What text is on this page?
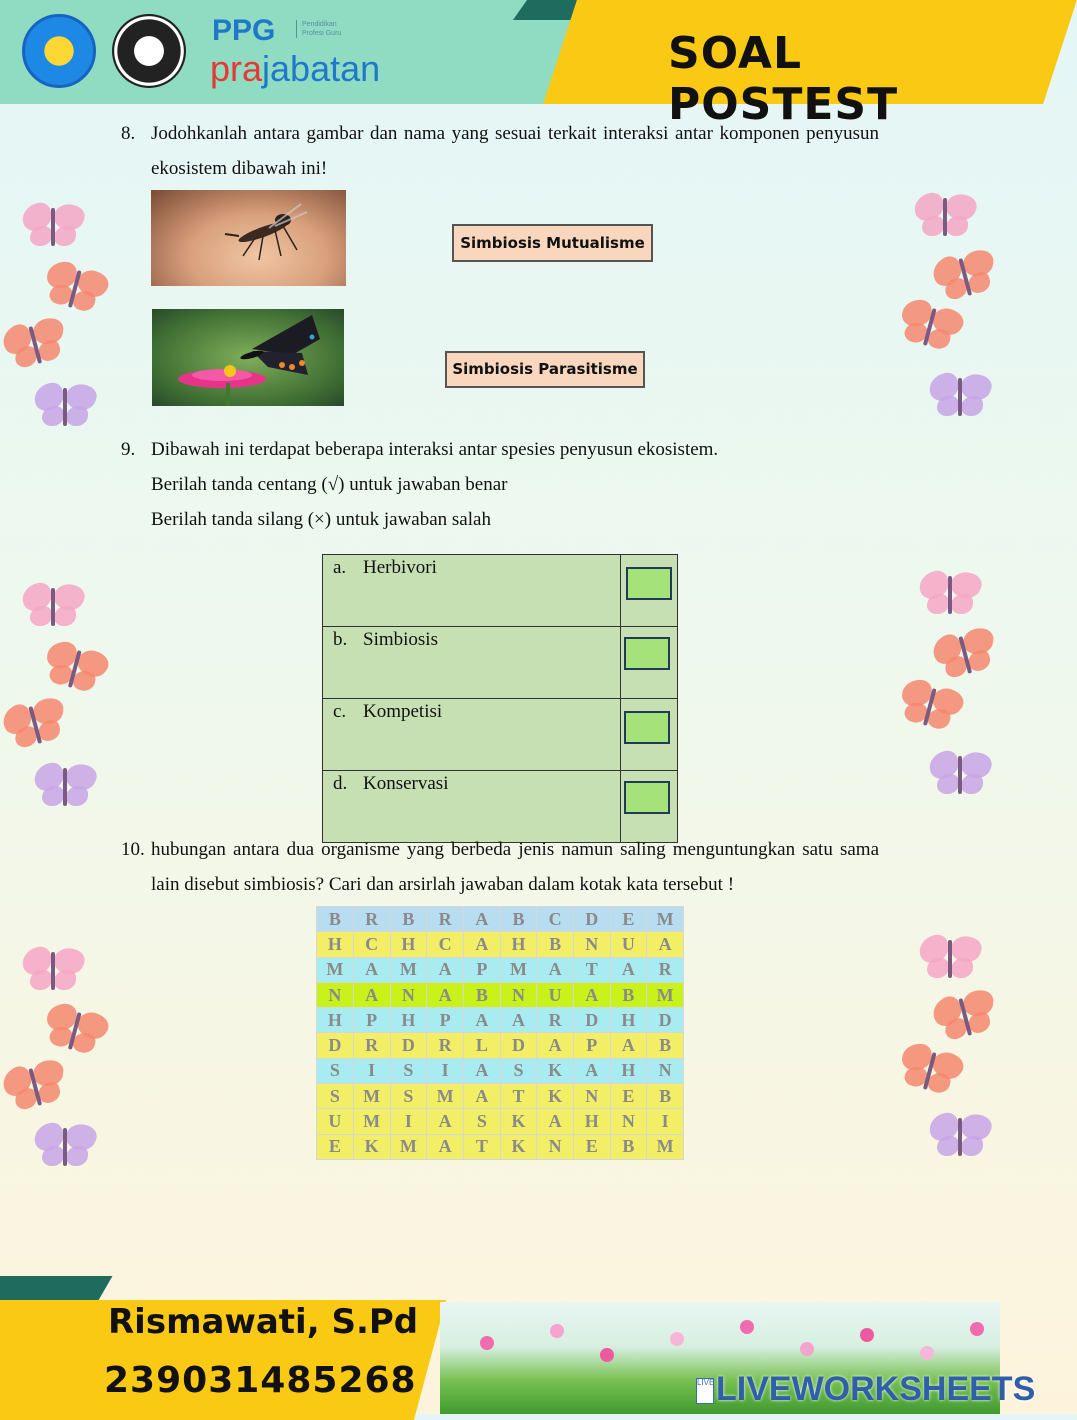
PPG	Pendidikan Profesi Guru
prajabatan	SOAL POSTEST
8. Jodohkanlah antara gambar dan nama yang sesuai terkait interaksi antar komponen penyusun ekosistem dibawah ini!
Simbiosis Mutualisme
Simbiosis Parasitisme
9. Dibawah ini terdapat beberapa interaksi antar spesies penyusun ekosistem.
Berilah tanda centang (√) untuk jawaban benar
Berilah tanda silang (×) untuk jawaban salah
a. Herbivori	

b. Simbiosis	

c. Kompetisi	

d. Konservasi	
10. hubungan antara dua organisme yang berbeda jenis namun saling menguntungkan satu sama lain disebut simbiosis? Cari dan arsirlah jawaban dalam kotak kata tersebut !
B	R	B	R	A	B	C	D	E	M
H	C	H	C	A	H	B	N	U	A
M	A	M	A	P	M	A	T	A	R
N	A	N	A	B	N	U	A	B	M
H	P	H	P	A	A	R	D	H	D
D	R	D	R	L	D	A	P	A	B
S	I	S	I	A	S	K	A	H	N
S	M	S	M	A	T	K	N	E	B
U	M	I	A	S	K	A	H	N	I
E	K	M	A	T	K	N	E	B	M
Rismawati, S.Pd
239031485268	LIVE LIVEWORKSHEETS
